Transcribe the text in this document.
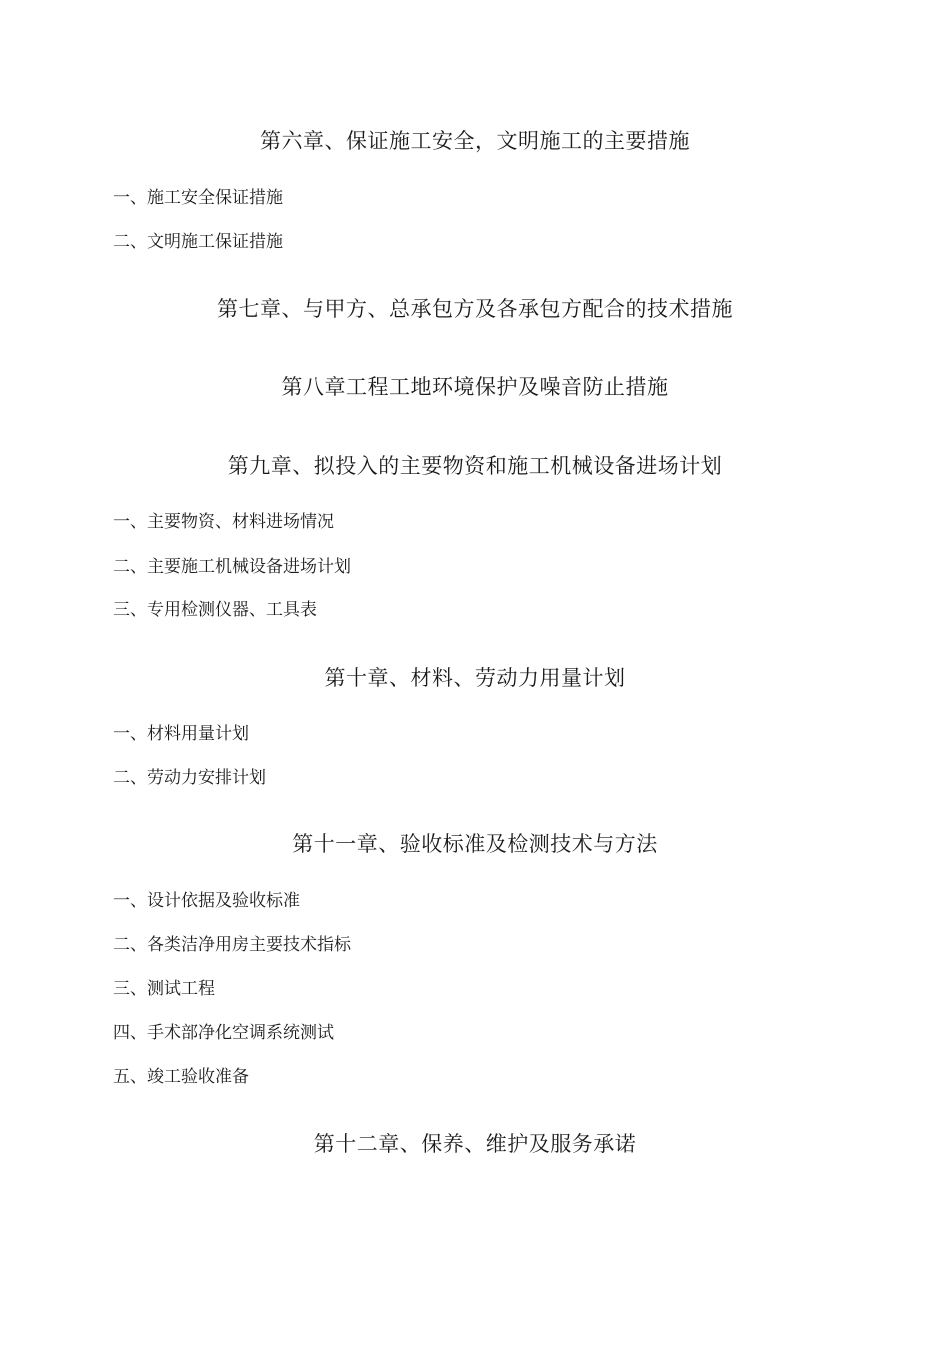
第六章、保证施工安全，文明施工的主要措施
一、施工安全保证措施
二、文明施工保证措施
第七章、与甲方、总承包方及各承包方配合的技术措施
第八章工程工地环境保护及噪音防止措施
第九章、拟投入的主要物资和施工机械设备进场计划
一、主要物资、材料进场情况
二、主要施工机械设备进场计划
三、专用检测仪器、工具表
第十章、材料、劳动力用量计划
一、材料用量计划
二、劳动力安排计划
第十一章、验收标准及检测技术与方法
一、设计依据及验收标准
二、各类洁净用房主要技术指标
三、测试工程
四、手术部净化空调系统测试
五、竣工验收准备
第十二章、保养、维护及服务承诺
